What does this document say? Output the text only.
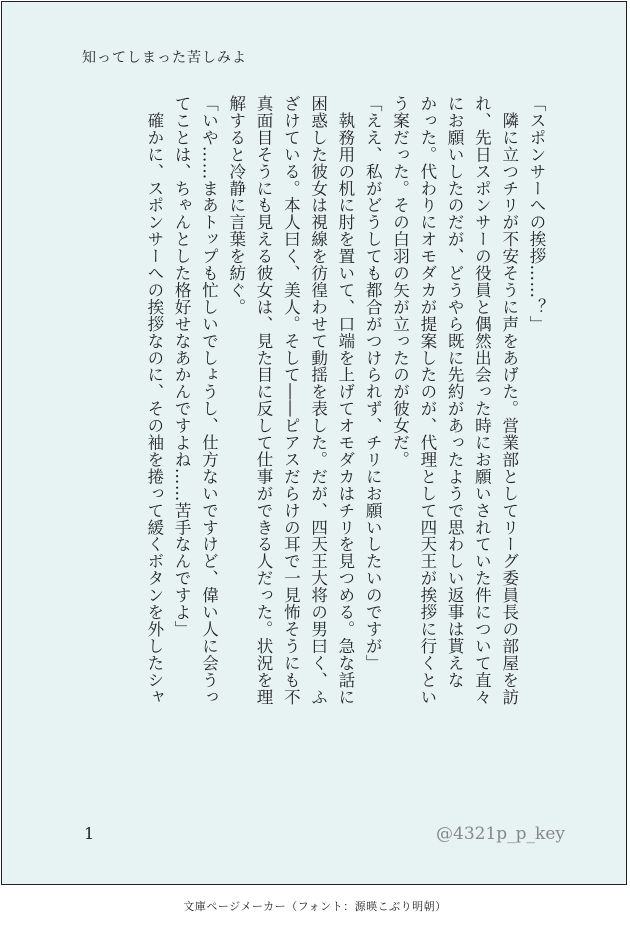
知ってしまった苦しみよ

「スポンサーへの挨拶……？」

　隣に立つチリが不安そうに声をあげた。営業部としてリーグ委員長の部屋を訪

れ、先日スポンサーの役員と偶然出会った時にお願いされていた件について直々

にお願いしたのだが、どうやら既に先約があったようで思わしい返事は貰えな

かった。代わりにオモダカが提案したのが、代理として四天王が挨拶に行くとい

う案だった。その白羽の矢が立ったのが彼女だ。

「ええ、私がどうしても都合がつけられず、チリにお願いしたいのですが」

　執務用の机に肘を置いて、口端を上げてオモダカはチリを見つめる。急な話に

困惑した彼女は視線を彷徨わせて動揺を表した。だが、四天王大将の男曰く、ふ

ざけている。本人曰く、美人。そして――ピアスだらけの耳で一見怖そうにも不

真面目そうにも見える彼女は、見た目に反して仕事ができる人だった。状況を理

解すると冷静に言葉を紡ぐ。

「いや……まあトップも忙しいでしょうし、仕方ないですけど、偉い人に会うっ

てことは、ちゃんとした格好せなあかんですよね……苦手なんですよ」

　確かに、スポンサーへの挨拶なのに、その袖を捲って緩くボタンを外したシャ

1	@4321p_p_key
文庫ページメーカー（フォント：源暎こぶり明朝）
